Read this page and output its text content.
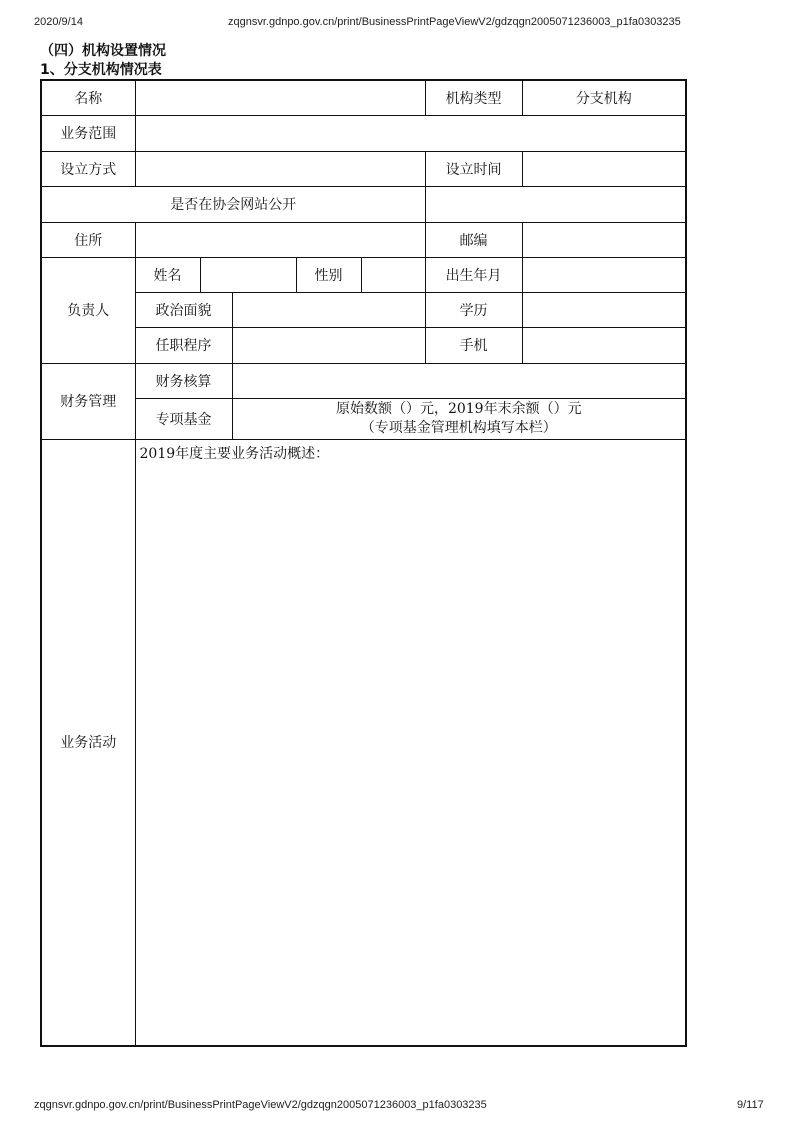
2020/9/14	zqgnsvr.gdnpo.gov.cn/print/BusinessPrintPageViewV2/gdzqgn2005071236003_p1fa0303235
（四）机构设置情况
1、分支机构情况表
名称						机构类型	分支机构
业务范围							
设立方式						设立时间	
是否在协会网站公开							
住所						邮编	
负责人	姓名			性别		出生年月	
	政治面貌					学历	
	任职程序					手机	
财务管理	财务核算						
	专项基金		原始数额（）元，2019年末余额（）元
（专项基金管理机构填写本栏）				

业务活动	2019年度主要业务活动概述：						
zqgnsvr.gdnpo.gov.cn/print/BusinessPrintPageViewV2/gdzqgn2005071236003_p1fa0303235	9/117
